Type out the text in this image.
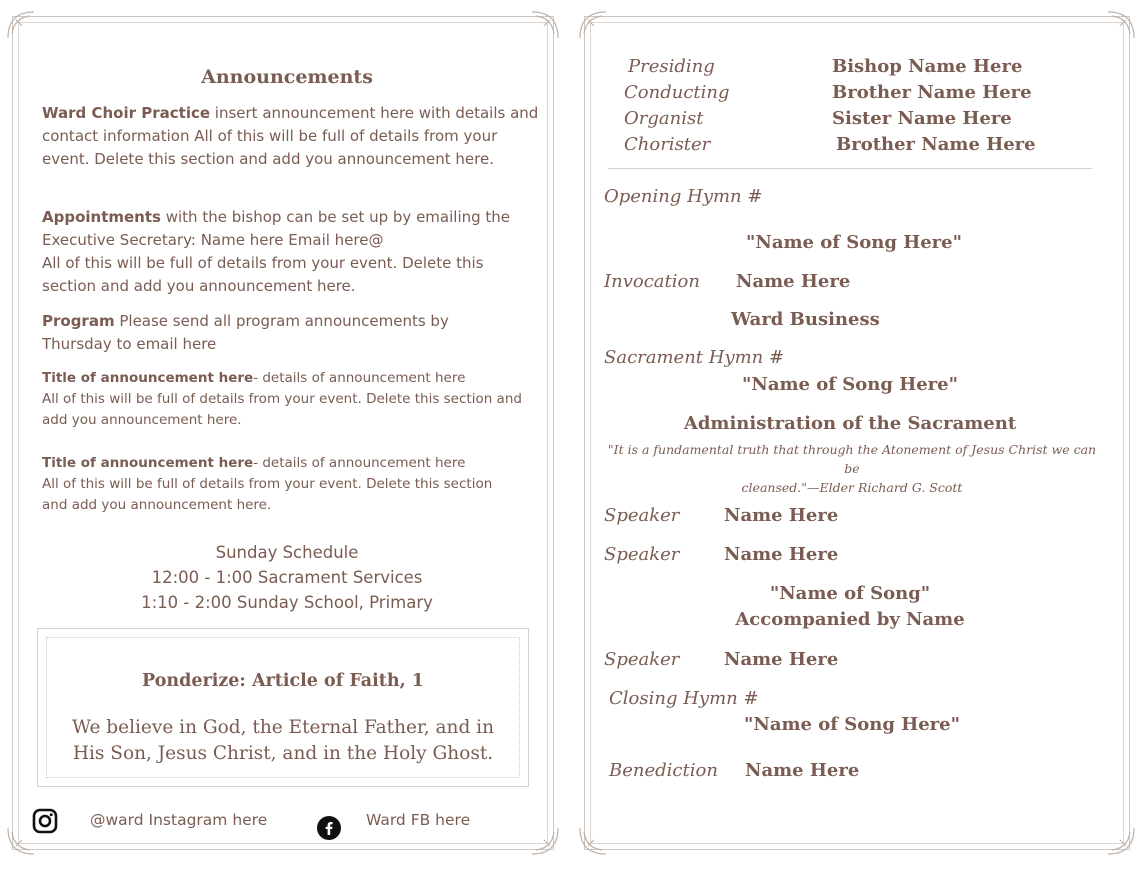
Announcements
Ward Choir Practice insert announcement here with details and contact information All of this will be full of details from your event. Delete this section and add you announcement here.
Appointments with the bishop can be set up by emailing the Executive Secretary: Name here Email here@
All of this will be full of details from your event. Delete this section and add you announcement here.
Program Please send all program announcements by Thursday to email here
Title of announcement here- details of announcement here
All of this will be full of details from your event. Delete this section and add you announcement here.
Title of announcement here- details of announcement here
All of this will be full of details from your event. Delete this section and add you announcement here.
Sunday Schedule
12:00 - 1:00 Sacrament Services
1:10 - 2:00 Sunday School, Primary
Ponderize: Article of Faith, 1
We believe in God, the Eternal Father, and in
His Son, Jesus Christ, and in the Holy Ghost.
@ward Instagram here	Ward FB here
Presiding	Bishop Name Here
Conducting	Brother Name Here
Organist	Sister Name Here
Chorister	Brother Name Here
Opening Hymn #
"Name of Song Here"
Invocation Name Here
Ward Business
Sacrament Hymn #
"Name of Song Here"
Administration of the Sacrament
"It is a fundamental truth that through the Atonement of Jesus Christ we can be
cleansed."—Elder Richard G. Scott
Speaker Name Here
Speaker Name Here
"Name of Song"
Accompanied by Name
Speaker Name Here
Closing Hymn #
"Name of Song Here"
Benediction Name Here
